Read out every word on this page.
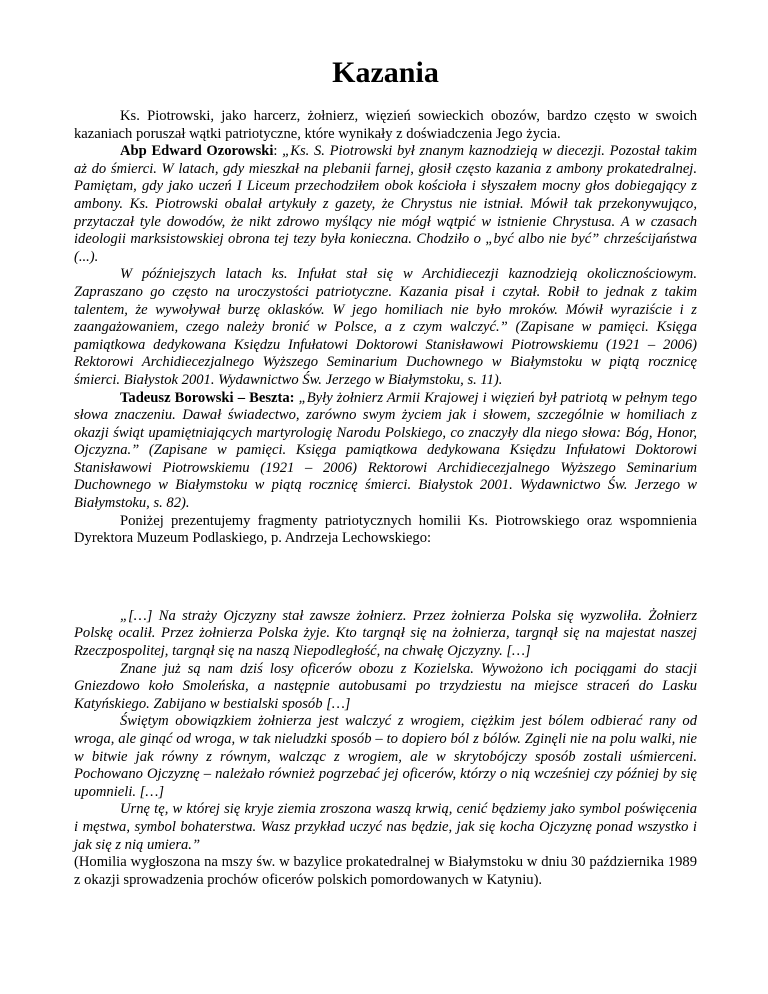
Kazania

Ks. Piotrowski, jako harcerz, żołnierz, więzień sowieckich obozów, bardzo często w swoich kazaniach poruszał wątki patriotyczne, które wynikały z doświadczenia Jego życia.

Abp Edward Ozorowski: „Ks. S. Piotrowski był znanym kaznodzieją w diecezji. Pozostał takim aż do śmierci. W latach, gdy mieszkał na plebanii farnej, głosił często kazania z ambony prokatedralnej. Pamiętam, gdy jako uczeń I Liceum przechodziłem obok kościoła i słyszałem mocny głos dobiegający z ambony. Ks. Piotrowski obalał artykuły z gazety, że Chrystus nie istniał. Mówił tak przekonywująco, przytaczał tyle dowodów, że nikt zdrowo myślący nie mógł wątpić w istnienie Chrystusa. A w czasach ideologii marksistowskiej obrona tej tezy była konieczna. Chodziło o „być albo nie być” chrześcijaństwa (...).

W późniejszych latach ks. Infułat stał się w Archidiecezji kaznodzieją okolicznościowym. Zapraszano go często na uroczystości patriotyczne. Kazania pisał i czytał. Robił to jednak z takim talentem, że wywoływał burzę oklasków. W jego homiliach nie było mroków. Mówił wyraziście i z zaangażowaniem, czego należy bronić w Polsce, a z czym walczyć.” (Zapisane w pamięci. Księga pamiątkowa dedykowana Księdzu Infułatowi Doktorowi Stanisławowi Piotrowskiemu (1921 – 2006) Rektorowi Archidiecezjalnego Wyższego Seminarium Duchownego w Białymstoku w piątą rocznicę śmierci. Białystok 2001. Wydawnictwo Św. Jerzego w Białymstoku, s. 11).

Tadeusz Borowski – Beszta: „Były żołnierz Armii Krajowej i więzień był patriotą w pełnym tego słowa znaczeniu. Dawał świadectwo, zarówno swym życiem jak i słowem, szczególnie w homiliach z okazji świąt upamiętniających martyrologię Narodu Polskiego, co znaczyły dla niego słowa: Bóg, Honor, Ojczyzna.” (Zapisane w pamięci. Księga pamiątkowa dedykowana Księdzu Infułatowi Doktorowi Stanisławowi Piotrowskiemu (1921 – 2006) Rektorowi Archidiecezjalnego Wyższego Seminarium Duchownego w Białymstoku w piątą rocznicę śmierci. Białystok 2001. Wydawnictwo Św. Jerzego w Białymstoku, s. 82).

Poniżej prezentujemy fragmenty patriotycznych homilii Ks. Piotrowskiego oraz wspomnienia Dyrektora Muzeum Podlaskiego, p. Andrzeja Lechowskiego:

„[…] Na straży Ojczyzny stał zawsze żołnierz. Przez żołnierza Polska się wyzwoliła. Żołnierz Polskę ocalił. Przez żołnierza Polska żyje. Kto targnął się na żołnierza, targnął się na majestat naszej Rzeczpospolitej, targnął się na naszą Niepodległość, na chwałę Ojczyzny. […]

Znane już są nam dziś losy oficerów obozu z Kozielska. Wywożono ich pociągami do stacji Gniezdowo koło Smoleńska, a następnie autobusami po trzydziestu na miejsce straceń do Lasku Katyńskiego. Zabijano w bestialski sposób […]

Świętym obowiązkiem żołnierza jest walczyć z wrogiem, ciężkim jest bólem odbierać rany od wroga, ale ginąć od wroga, w tak nieludzki sposób – to dopiero ból z bólów. Zginęli nie na polu walki, nie w bitwie jak równy z równym, walcząc z wrogiem, ale w skrytobójczy sposób zostali uśmierceni. Pochowano Ojczyznę – należało również pogrzebać jej oficerów, którzy o nią wcześniej czy później by się upomnieli. […]

Urnę tę, w której się kryje ziemia zroszona waszą krwią, cenić będziemy jako symbol poświęcenia i męstwa, symbol bohaterstwa. Wasz przykład uczyć nas będzie, jak się kocha Ojczyznę ponad wszystko i jak się z nią umiera.”

(Homilia wygłoszona na mszy św. w bazylice prokatedralnej w Białymstoku w dniu 30 października 1989 z okazji sprowadzenia prochów oficerów polskich pomordowanych w Katyniu).
